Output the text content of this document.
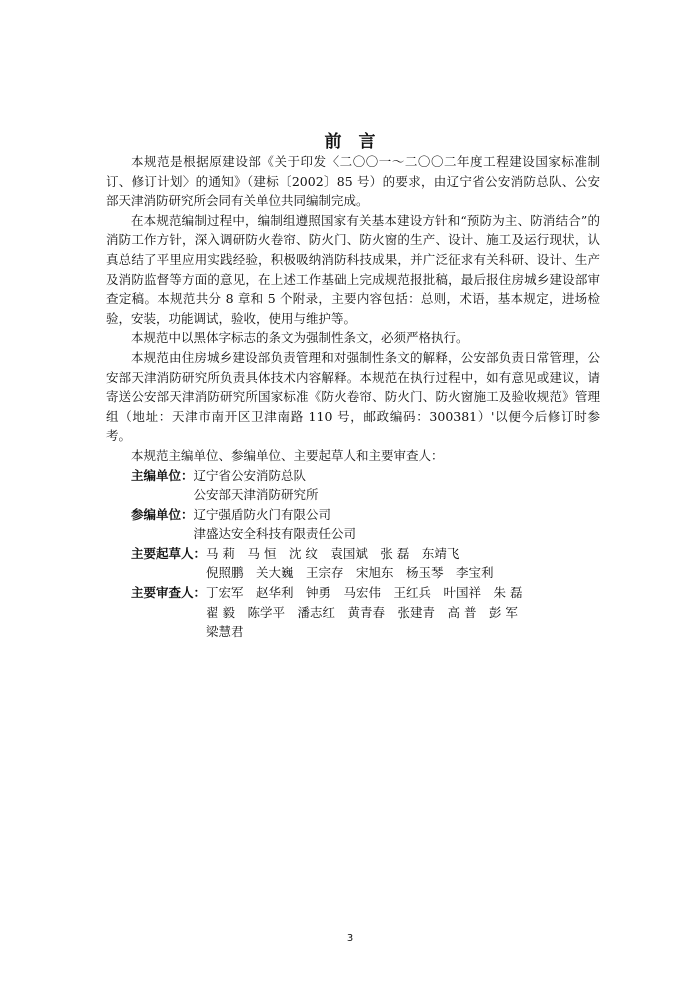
前言

本规范是根据原建设部《关于印发〈二〇〇一～二〇〇二年度工程建设国家标准制订、修订计划〉的通知》（建标〔2002〕85 号）的要求，由辽宁省公安消防总队、公安部天津消防研究所会同有关单位共同编制完成。

在本规范编制过程中，编制组遵照国家有关基本建设方针和“预防为主、防消结合”的消防工作方针，深入调研防火卷帘、防火门、防火窗的生产、设计、施工及运行现状，认真总结了平里应用实践经验，积极吸纳消防科技成果，并广泛征求有关科研、设计、生产及消防监督等方面的意见，在上述工作基础上完成规范报批稿，最后报住房城乡建设部审查定稿。本规范共分 8 章和 5 个附录，主要内容包括：总则，术语，基本规定，进场检验，安装，功能调试，验收，使用与维护等。

本规范中以黑体字标志的条文为强制性条文，必须严格执行。

本规范由住房城乡建设部负责管理和对强制性条文的解释，公安部负责日常管理，公安部天津消防研究所负责具体技术内容解释。本规范在执行过程中，如有意见或建议，请寄送公安部天津消防研究所国家标准《防火卷帘、防火门、防火窗施工及验收规范》管理组（地址：天津市南开区卫津南路 110 号，邮政编码：300381）'以便今后修订时参考。

本规范主编单位、参编单位、主要起草人和主要审查人：

主编单位： 辽宁省公安消防总队
公安部天津消防研究所
参编单位： 辽宁强盾防火门有限公司
津盛达安全科技有限责任公司
主要起草人： 马 莉　马 恒　沈 纹　袁国斌　张 磊　东靖飞
倪照鹏　关大巍　王宗存　宋旭东　杨玉琴　李宝利
主要审查人： 丁宏军　赵华利　钟勇　马宏伟　王红兵　叶国祥　朱 磊
翟 毅　陈学平　潘志红　黄青春　张建青　高 普　彭 军
梁慧君
3
